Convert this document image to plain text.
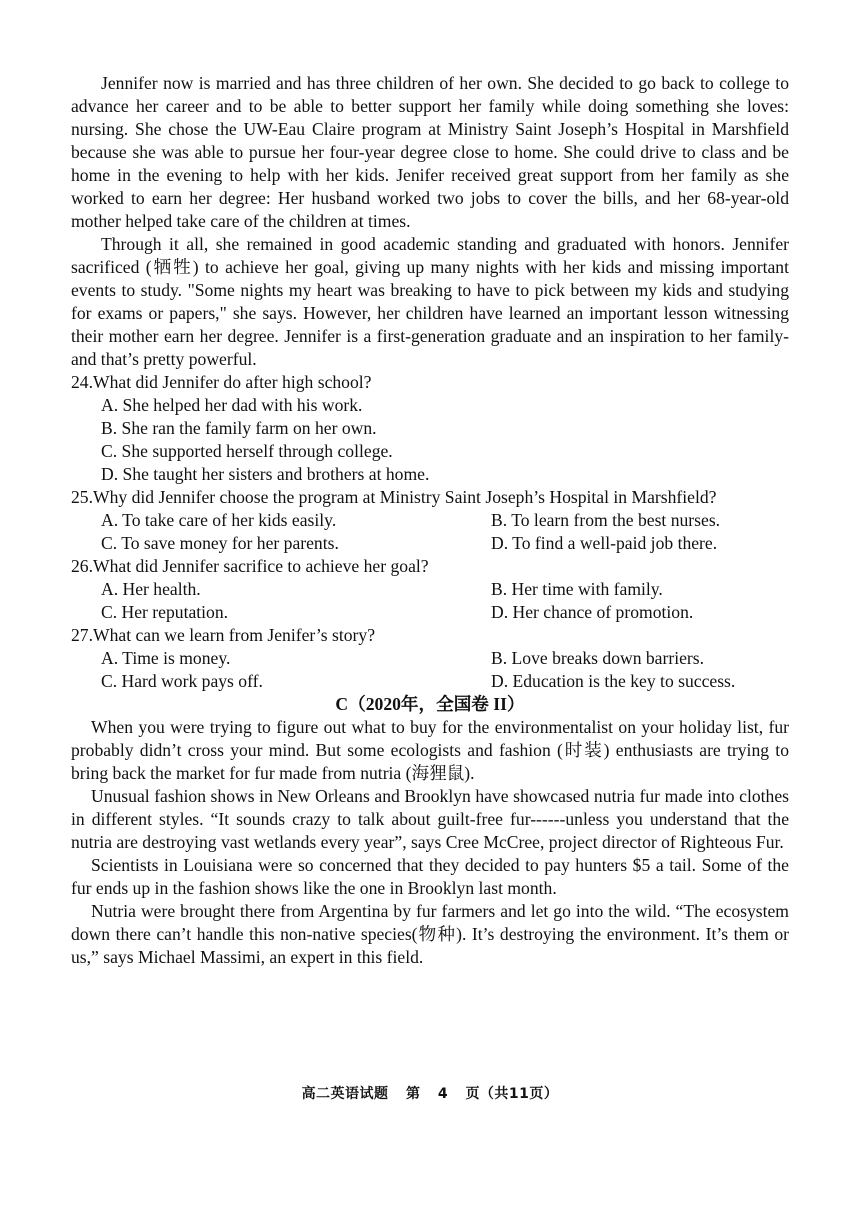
Jennifer now is married and has three children of her own. She decided to go back to college to advance her career and to be able to better support her family while doing something she loves: nursing. She chose the UW-Eau Claire program at Ministry Saint Joseph’s Hospital in Marshfield because she was able to pursue her four-year degree close to home. She could drive to class and be home in the evening to help with her kids. Jenifer received great support from her family as she worked to earn her degree: Her husband worked two jobs to cover the bills, and her 68-year-old mother helped take care of the children at times.

Through it all, she remained in good academic standing and graduated with honors. Jennifer sacrificed (牺牲) to achieve her goal, giving up many nights with her kids and missing important events to study. "Some nights my heart was breaking to have to pick between my kids and studying for exams or papers," she says. However, her children have learned an important lesson witnessing their mother earn her degree. Jennifer is a first-generation graduate and an inspiration to her family-and that’s pretty powerful.

24.What did Jennifer do after high school?

A. She helped her dad with his work.

B. She ran the family farm on her own.

C. She supported herself through college.

D. She taught her sisters and brothers at home.

25.Why did Jennifer choose the program at Ministry Saint Joseph’s Hospital in Marshfield?

A. To take care of her kids easily.	B. To learn from the best nurses.
C. To save money for her parents.	D. To find a well-paid job there.

26.What did Jennifer sacrifice to achieve her goal?

A. Her health.	B. Her time with family.
C. Her reputation.	D. Her chance of promotion.

27.What can we learn from Jenifer’s story?

A. Time is money.	B. Love breaks down barriers.
C. Hard work pays off.	D. Education is the key to success.

C（2020年，全国卷 II）

When you were trying to figure out what to buy for the environmentalist on your holiday list, fur probably didn’t cross your mind. But some ecologists and fashion (时装) enthusiasts are trying to bring back the market for fur made from nutria (海狸鼠).

Unusual fashion shows in New Orleans and Brooklyn have showcased nutria fur made into clothes in different styles. “It sounds crazy to talk about guilt-free fur------unless you understand that the nutria are destroying vast wetlands every year”, says Cree McCree, project director of Righteous Fur.

Scientists in Louisiana were so concerned that they decided to pay hunters $5 a tail. Some of the fur ends up in the fashion shows like the one in Brooklyn last month.

Nutria were brought there from Argentina by fur farmers and let go into the wild. “The ecosystem down there can’t handle this non-native species(物种). It’s destroying the environment. It’s them or us,” says Michael Massimi, an expert in this field.

高二英语试题 第 4 页（共11页）
